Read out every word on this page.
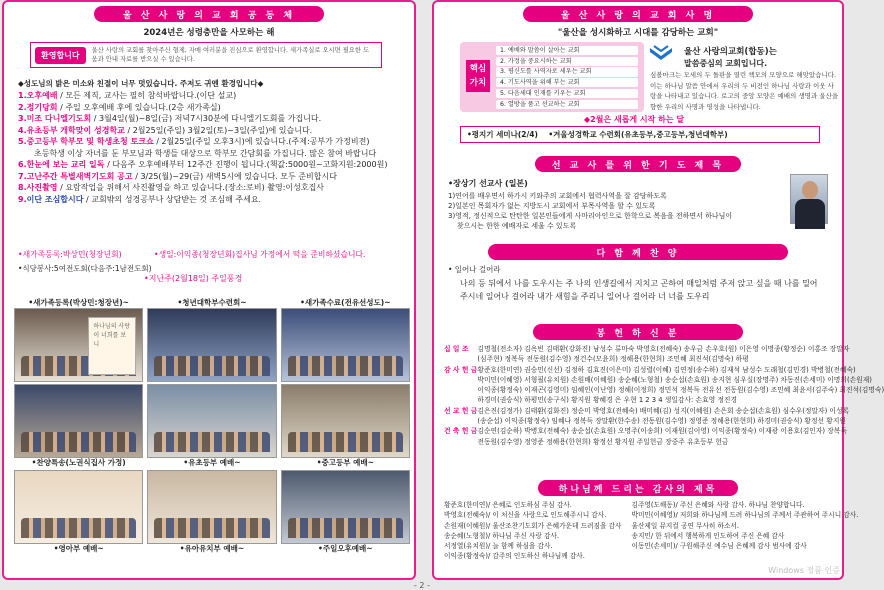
울 산 사 랑 의 교 회 공 동 체
2024년은 성령충만을 사모하는 해
환영합니다	울산 사랑의 교회를 찾아주신 형제, 자매 여러분을 진심으로 환영합니다. 새가족실로 오시면 필요한 도움과 안내 자료를 받으실 수 있습니다.
◆성도님의 밝은 미소와 친절이 너무 멋있습니다. 주저도 귀엔 환경입니다◆
1.오후예배 / 모든 제직, 교사는 필히 참석바랍니다.(이단 설교)
2.정기당회 / 주일 오후예배 후에 있습니다.(2층 새가족실)
3.미조 다니엘기도회 / 3월4일(월)~8일(금) 저녁7시30분에 다니엘기도회를 가집니다.
4.유초등부 개학맞이 성경학교 / 2월25일(주일) 3월2일(토)~3일(주일)에 있습니다.
5.중고등부 학부모 및 학생초청 토크쇼 / 2월25일(주일 오후3시)에 있습니다.(주제:공부가 가정비전)
초등학생 이상 자녀를 둔 부모님과 학생들 대상으로 학부모 간담회를 가집니다. 많은 참여 바랍니다
6.한눈에 보는 교리 일독 / 다음주 오후예배부터 12주간 진행이 됩니다.(책값:5000원~고화지원:2000원)
7.고난주간 특별새벽기도회 공고 / 3/25(월)~29(금) 새벽5시에 있습니다. 모두 준비합시다
8.사진촬영 / 요람작업을 위해서 사진촬영을 하고 있습니다.(장소:로비) 촬영:이성호집사
9.이단 조심합시다 / 교회밖의 성경공부나 상담받는 것 조심해 주세요.
•새가족등록:박상민(청장년회)	•생일:이익종(청장년회)집사님 가정에서 떡을 준비하셨습니다.
•식당봉사:5여전도회(다음주:1남전도회)
•지난주(2월18일) 주일풍경
•새가족등록(박상민:청장년)~
하나님의 사랑이 너희를 보니
•청년대학부수련회~	•새가족수료(전유선성도)~
•찬양특송(노권식집사 가정)	•유초등부 예배~	•중고등부 예배~
•영아부 예배~	•유아유치부 예배~	•주일오후예배~
- 2 -
울 산 사 랑 의 교 회 사 명
"울산을 성시화하고 시대를 감당하는 교회"
핵심 가치
1. 예배와 말씀이 살아는 교회
2. 가정을 중요시하는 교회
3. 평신도를 사역자로 세우는 교회
4. 기도사역을 위해 부는 교회
5. 다음세대 인재를 키우는 교회
6. 열방을 품고 선교하는 교회
울산 사랑의교회(합동)는
말씀중심의 교회입니다.
심볼마크는 모세의 두 돌판을 열린 책모의 모양으로 해맞았습니다. 이는 하나님 말씀 안에서 우리의 두 비전인 하나님 사랑과 이웃 사랑을 나타내고 있습니다. 로고의 중앙 모양은 예배의 생명과 울산을 향한 우리의 사명과 영성을 나타냅니다.
◆2월은 새롭게 시작 하는 달
•평지기 세미나(2/4)    •겨울성경학교 수련회(유초등부,중고등부,청년대학부)
선 교 사 를 위 한 기 도 제 목
•장상기 선교사 (일본)
1)연어를 배우면서 하가시 키와주의 교회에서 협력사역을 잘 감당하도록
2)일본인 목회자가 없는 지방도시 교회에서 부목사역을 할 수 있도록
3)영적, 정신적으로 탄탄한 일본인들에게 사마리아인으로 한학으로 복음을 전하면서 하나님이
찾으시는 한한 예배자로 세울 수 있도록
다 함 께 찬 양
• 일어나 걸어라
나의 등 뒤에서 나를 도우시는 주 나의 인생길에서 지치고 곤하여 매일처럼 주저 앉고 싶을 때 나를 밀어주시네 일어나 걸어라 내가 새힘을 주리니 일어나 걸어라 너 너를 도우리
봉 헌 하 신 분
십 일 조	김명철(전소자) 김옥빈 김태환(강화진) 남성수 류마숙 박영호(전혜숙) 송우금 손우호(원) 이은영 이명종(황정순) 이홍조 장말자
	(심주현) 정복득 전동원(김수영) 정건수(모윤희) 정해용(한현희) 조민혜 최진석(김명숙) 하평
감 사 헌 금	황준호(한미연) 권승민(신선) 김정하 김효진(이은미) 김성렬(이혜) 김연정(송수하) 김재석 남성수 도래철(김민경) 박병철(전혜숙)
	박미민(이혜영) 서형필(유치원) 손원배(이혜원) 송순혜(노형철) 송순섭(손효원) 송지현 심우실(장명주) 차동진(손세미) 이명희(손원재)
	이익종(황정숙) 이재곤(김영미) 임혜인(이난영) 정해(이정희) 정민석 정복득 전유선 전동원(김수영) 조민혜 최윤서(김주숙) 최진석(김명숙)
	하경미(권승식) 하평민(송구식) 황지원 황혜경 은 우현 1 2 3 4 생일감사: 손효영 정진경
선 교 헌 금	김은진(김정가) 김태환(김화진) 정순미 박영호(전혜숙) 배미혜(김) 성지(이혜원) 손은회 송순섭(손효원) 심수우(정말자) 이성록
	(송순섭) 이익종(황정숙) 임혜나 정복득 장말환(한수송) 전동원(김수영) 정영준 정해용(한현희) 하경미(권승식) 황정선 황지원
건 축 헌 금	김순연(김순하) 박병호(전혜숙) 송순섭(손효원) 오명주(이송희) 이재원(김이영) 이익종(황정숙) 이재광 이용호(김인자) 장복득
	전동원(김수영) 정영준 정해용(한현희) 황정선 황지원 주일헌금 장중주 유초등부 헌금
하나님께 드리는 감사의 제목
황준호(한미연)/ 은혜로 인도하심 주심 감사.
박영호(전혜숙)/ 이 처신을 사랑으로 인도해주시니 감사.
손원재(이혜원)/ 울산조찬기도회가 은혜가운데 드려짐을 감사
송순혜(노형철)/ 하나님 주신 사랑 감사.
서정열(유치원)/ 늘 함께 하심을 감사.
이익종(황정숙)/ 감주의 인도하신 하나님께 감사.
김주영(도해동)/ 주신 은혜와 사랑 감사. 하나님 찬양합니다.
박미민(이혜영)/ 저희와 하나님께 드려 하나님의 주께서 주관하여 주시니 감사.
울산제일 뮤지컬 공연 무사히 하소서.
송지민/ 한 뒤에서 행복하게 인도하여 주신 은혜 감사
이동민(손세미)/ 구원해주신 예수님 은혜께 감사 범사에 감사
Windows 정품 인증
